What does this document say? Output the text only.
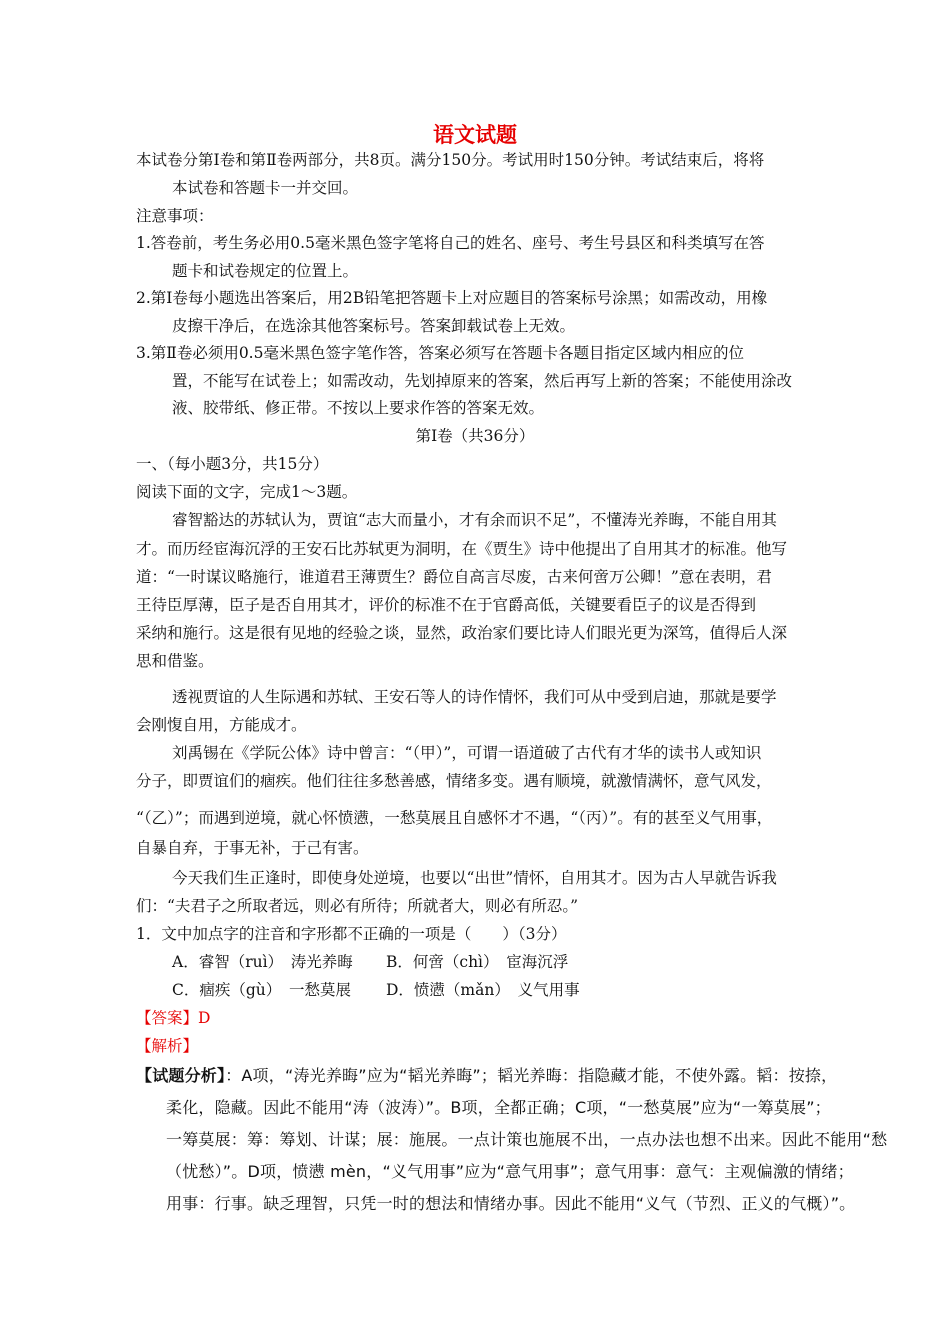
语文试题
本试卷分第Ⅰ卷和第Ⅱ卷两部分，共8页。满分150分。考试用时150分钟。考试结束后，将将
本试卷和答题卡一并交回。
注意事项：
1.答卷前，考生务必用0.5毫米黑色签字笔将自己的姓名、座号、考生号县区和科类填写在答
题卡和试卷规定的位置上。
2.第Ⅰ卷每小题选出答案后，用2B铅笔把答题卡上对应题目的答案标号涂黑；如需改动，用橡
皮擦干净后，在选涂其他答案标号。答案卸载试卷上无效。
3.第Ⅱ卷必须用0.5毫米黑色签字笔作答，答案必须写在答题卡各题目指定区域内相应的位
置，不能写在试卷上；如需改动，先划掉原来的答案，然后再写上新的答案；不能使用涂改
液、胶带纸、修正带。不按以上要求作答的答案无效。
第Ⅰ卷（共36分）
一、（每小题3分，共15分）
阅读下面的文字，完成1～3题。
睿智豁达的苏轼认为，贾谊“志大而量小，才有余而识不足”，不懂涛光养晦，不能自用其
才。而历经宦海沉浮的王安石比苏轼更为洞明，在《贾生》诗中他提出了自用其才的标准。他写
道：“一时谋议略施行，谁道君王薄贾生？爵位自高言尽废，古来何啻万公卿！”意在表明，君
王待臣厚薄，臣子是否自用其才，评价的标准不在于官爵高低，关键要看臣子的议是否得到
采纳和施行。这是很有见地的经验之谈，显然，政治家们要比诗人们眼光更为深笃，值得后人深
思和借鉴。
透视贾谊的人生际遇和苏轼、王安石等人的诗作情怀，我们可从中受到启迪，那就是要学
会刚愎自用，方能成才。
刘禹锡在《学阮公体》诗中曾言：“（甲）”，可谓一语道破了古代有才华的读书人或知识
分子，即贾谊们的痼疾。他们往往多愁善感，情绪多变。遇有顺境，就激情满怀，意气风发，
“（乙）”；而遇到逆境，就心怀愤懑，一愁莫展且自感怀才不遇，“（丙）”。有的甚至义气用事，
自暴自弃，于事无补，于己有害。
今天我们生正逢时，即使身处逆境，也要以“出世”情怀，自用其才。因为古人早就告诉我
们：“夫君子之所取者远，则必有所待；所就者大，则必有所忍。”
1．文中加点字的注音和字形都不正确的一项是（　　）（3分）
A．睿智（ruì）　涛光养晦 B．何啻（chì）　宦海沉浮
C．痼疾（gù）　一愁莫展 D．愤懑（mǎn）　义气用事
【答案】D
【解析】
【试题分析】：A项，“涛光养晦”应为“韬光养晦”；韬光养晦：指隐藏才能，不使外露。韬：按捺，
柔化，隐藏。因此不能用“涛（波涛）”。B项，全都正确；C项，“一愁莫展”应为“一筹莫展”；
一筹莫展：筹：筹划、计谋；展：施展。一点计策也施展不出，一点办法也想不出来。因此不能用“愁
（忧愁）”。D项，愤懑 mèn，“义气用事”应为“意气用事”；意气用事：意气：主观偏激的情绪；
用事：行事。缺乏理智，只凭一时的想法和情绪办事。因此不能用“义气（节烈、正义的气概）”。
